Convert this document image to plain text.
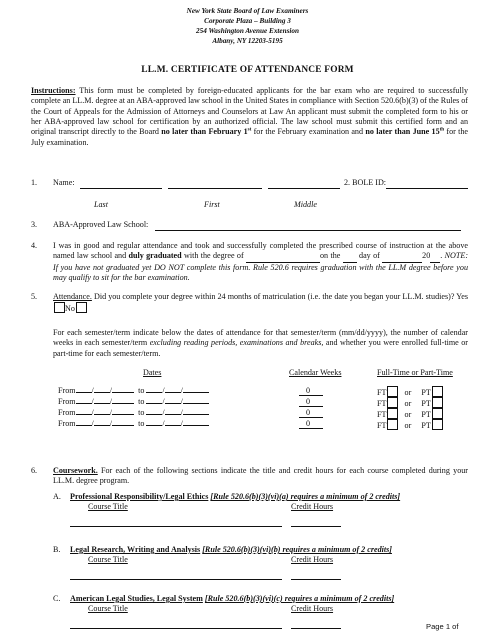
New York State Board of Law Examiners
Corporate Plaza – Building 3
254 Washington Avenue Extension
Albany, NY 12203-5195
LL.M. CERTIFICATE OF ATTENDANCE FORM
Instructions: This form must be completed by foreign-educated applicants for the bar exam who are required to successfully complete an LL.M. degree at an ABA-approved law school in the United States in compliance with Section 520.6(b)(3) of the Rules of the Court of Appeals for the Admission of Attorneys and Counselors at Law An applicant must submit the completed form to his or her ABA-approved law school for certification by an authorized official. The law school must submit this certified form and an original transcript directly to the Board no later than February 1st for the February examination and no later than June 15th for the July examination.
1. Name:	2. BOLE ID:
Last	First	Middle
3. ABA-Approved Law School:
4. I was in good and regular attendance and took and successfully completed the prescribed course of instruction at the above named law school and duly graduated with the degree of	on the   day of	20 . NOTE: If you have not graduated yet DO NOT complete this form. Rule 520.6 requires graduation with the LL.M degree before you may qualify to sit for the bar examination.
5. Attendance. Did you complete your degree within 24 months of matriculation (i.e. the date you began your LL.M. studies)? YesNo
For each semester/term indicate below the dates of attendance for that semester/term (mm/dd/yyyy), the number of calendar weeks in each semester/term excluding reading periods, examinations and breaks, and whether you were enrolled full-time or part-time for each semester/term.
Dates	Calendar Weeks	Full-Time or Part-Time
From / /	to / /	0	FT or PT
From / /	to / /	0	FT or PT
From / /	to / /	0	FT or PT
From / /	to / /	0	FT or PT
6. Coursework. For each of the following sections indicate the title and credit hours for each course completed during your LL.M. degree program.
A. Professional Responsibility/Legal Ethics [Rule 520.6(b)(3)(vi)(a) requires a minimum of 2 credits]
Course Title	Credit Hours
B. Legal Research, Writing and Analysis [Rule 520.6(b)(3)(vi)(b) requires a minimum of 2 credits]
Course Title	Credit Hours
C. American Legal Studies, Legal System [Rule 520.6(b)(3)(vi)(c) requires a minimum of 2 credits]
Course Title	Credit Hours
Page 1 of
